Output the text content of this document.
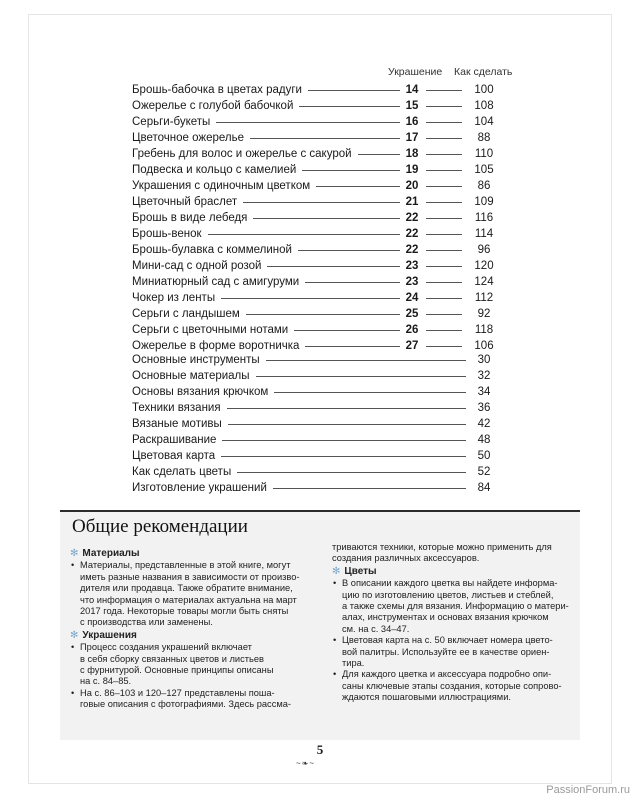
Украшение Как сделать
Брошь-бабочка в цветах радуги	14	100
Ожерелье с голубой бабочкой	15	108
Серьги-букеты	16	104
Цветочное ожерелье	17	88
Гребень для волос и ожерелье с сакурой	18	110
Подвеска и кольцо с камелией	19	105
Украшения с одиночным цветком	20	86
Цветочный браслет	21	109
Брошь в виде лебедя	22	116
Брошь-венок	22	114
Брошь-булавка с коммелиной	22	96
Мини-сад с одной розой	23	120
Миниатюрный сад с амигуруми	23	124
Чокер из ленты	24	112
Серьги с ландышем	25	92
Серьги с цветочными нотами	26	118
Ожерелье в форме воротничка	27	106
Основные инструменты	30
Основные материалы	32
Основы вязания крючком	34
Техники вязания	36
Вязаные мотивы	42
Раскрашивание	48
Цветовая карта	50
Как сделать цветы	52
Изготовление украшений	84
Общие рекомендации
✻ Материалы
• Материалы, представленные в этой книге, могут
иметь разные названия в зависимости от произво-
дителя или продавца. Также обратите внимание,
что информация о материалах актуальна на март
2017 года. Некоторые товары могли быть сняты
с производства или заменены.
✻ Украшения
• Процесс создания украшений включает
в себя сборку связанных цветов и листьев
с фурнитурой. Основные принципы описаны
на с. 84–85.
• На с. 86–103 и 120–127 представлены поша-
говые описания с фотографиями. Здесь рассма-
триваются техники, которые можно применить для
создания различных аксессуаров.
✻ Цветы
• В описании каждого цветка вы найдете информа-
цию по изготовлению цветов, листьев и стеблей,
а также схемы для вязания. Информацию о матери-
алах, инструментах и основах вязания крючком
см. на с. 34–47.
• Цветовая карта на с. 50 включает номера цвето-
вой палитры. Используйте ее в качестве ориен-
тира.
• Для каждого цветка и аксессуара подробно опи-
саны ключевые этапы создания, которые сопрово-
ждаются пошаговыми иллюстрациями.
5
~❧~
PassionForum.ru
